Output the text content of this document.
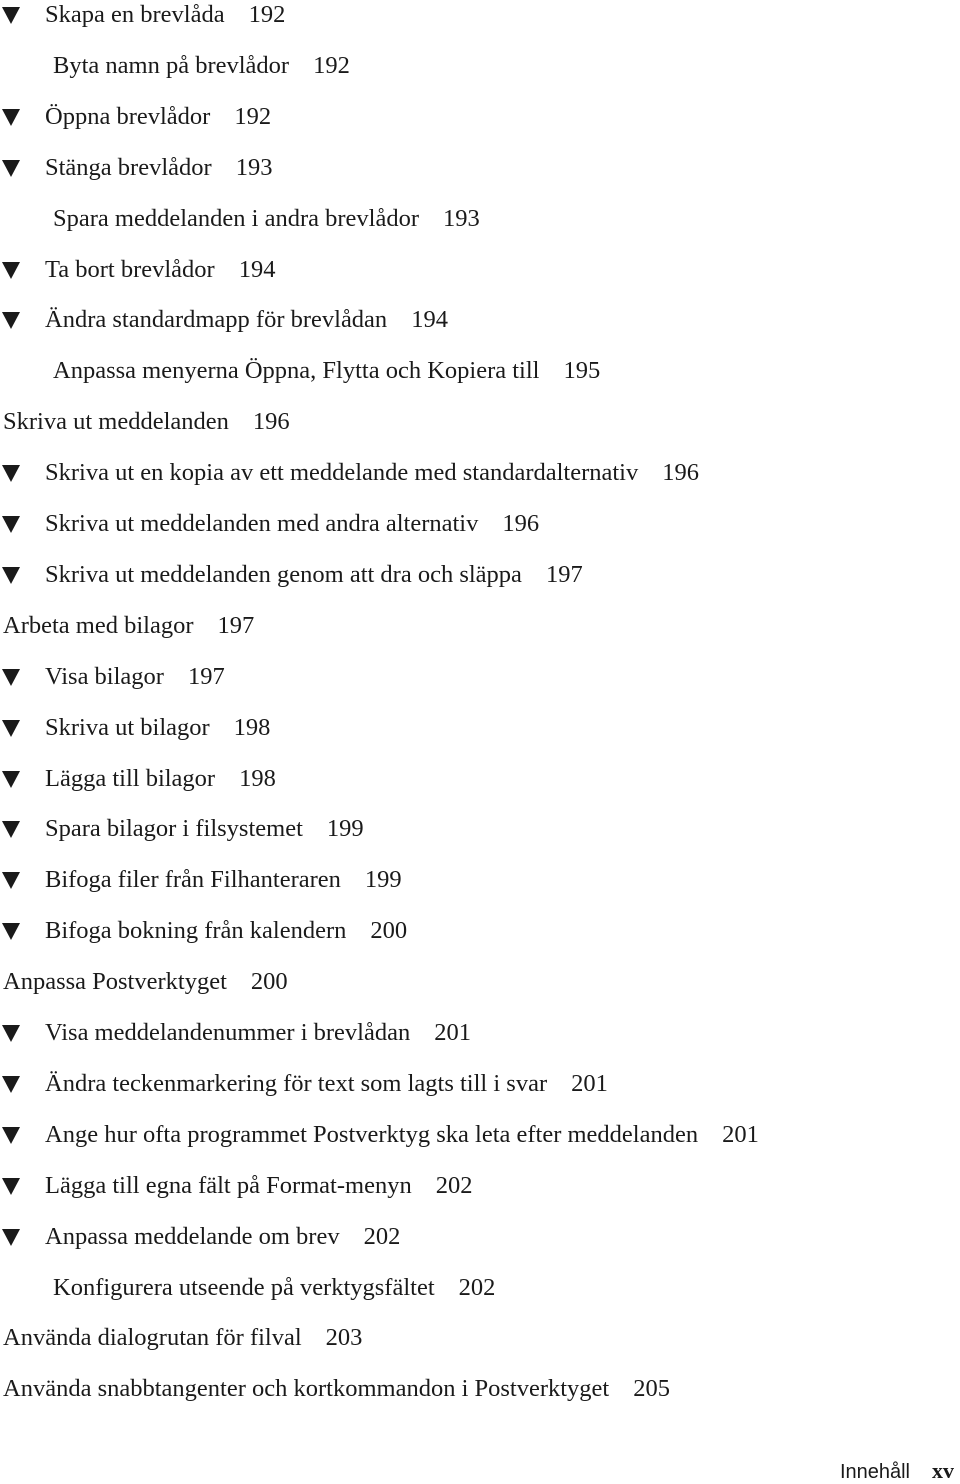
Skapa en brevlåda 192
Byta namn på brevlådor 192
Öppna brevlådor 192
Stänga brevlådor 193
Spara meddelanden i andra brevlådor 193
Ta bort brevlådor 194
Ändra standardmapp för brevlådan 194
Anpassa menyerna Öppna, Flytta och Kopiera till 195
Skriva ut meddelanden 196
Skriva ut en kopia av ett meddelande med standardalternativ 196
Skriva ut meddelanden med andra alternativ 196
Skriva ut meddelanden genom att dra och släppa 197
Arbeta med bilagor 197
Visa bilagor 197
Skriva ut bilagor 198
Lägga till bilagor 198
Spara bilagor i filsystemet 199
Bifoga filer från Filhanteraren 199
Bifoga bokning från kalendern 200
Anpassa Postverktyget 200
Visa meddelandenummer i brevlådan 201
Ändra teckenmarkering för text som lagts till i svar 201
Ange hur ofta programmet Postverktyg ska leta efter meddelanden 201
Lägga till egna fält på Format-menyn 202
Anpassa meddelande om brev 202
Konfigurera utseende på verktygsfältet 202
Använda dialogrutan för filval 203
Använda snabbtangenter och kortkommandon i Postverktyget 205
Innehåll xv
